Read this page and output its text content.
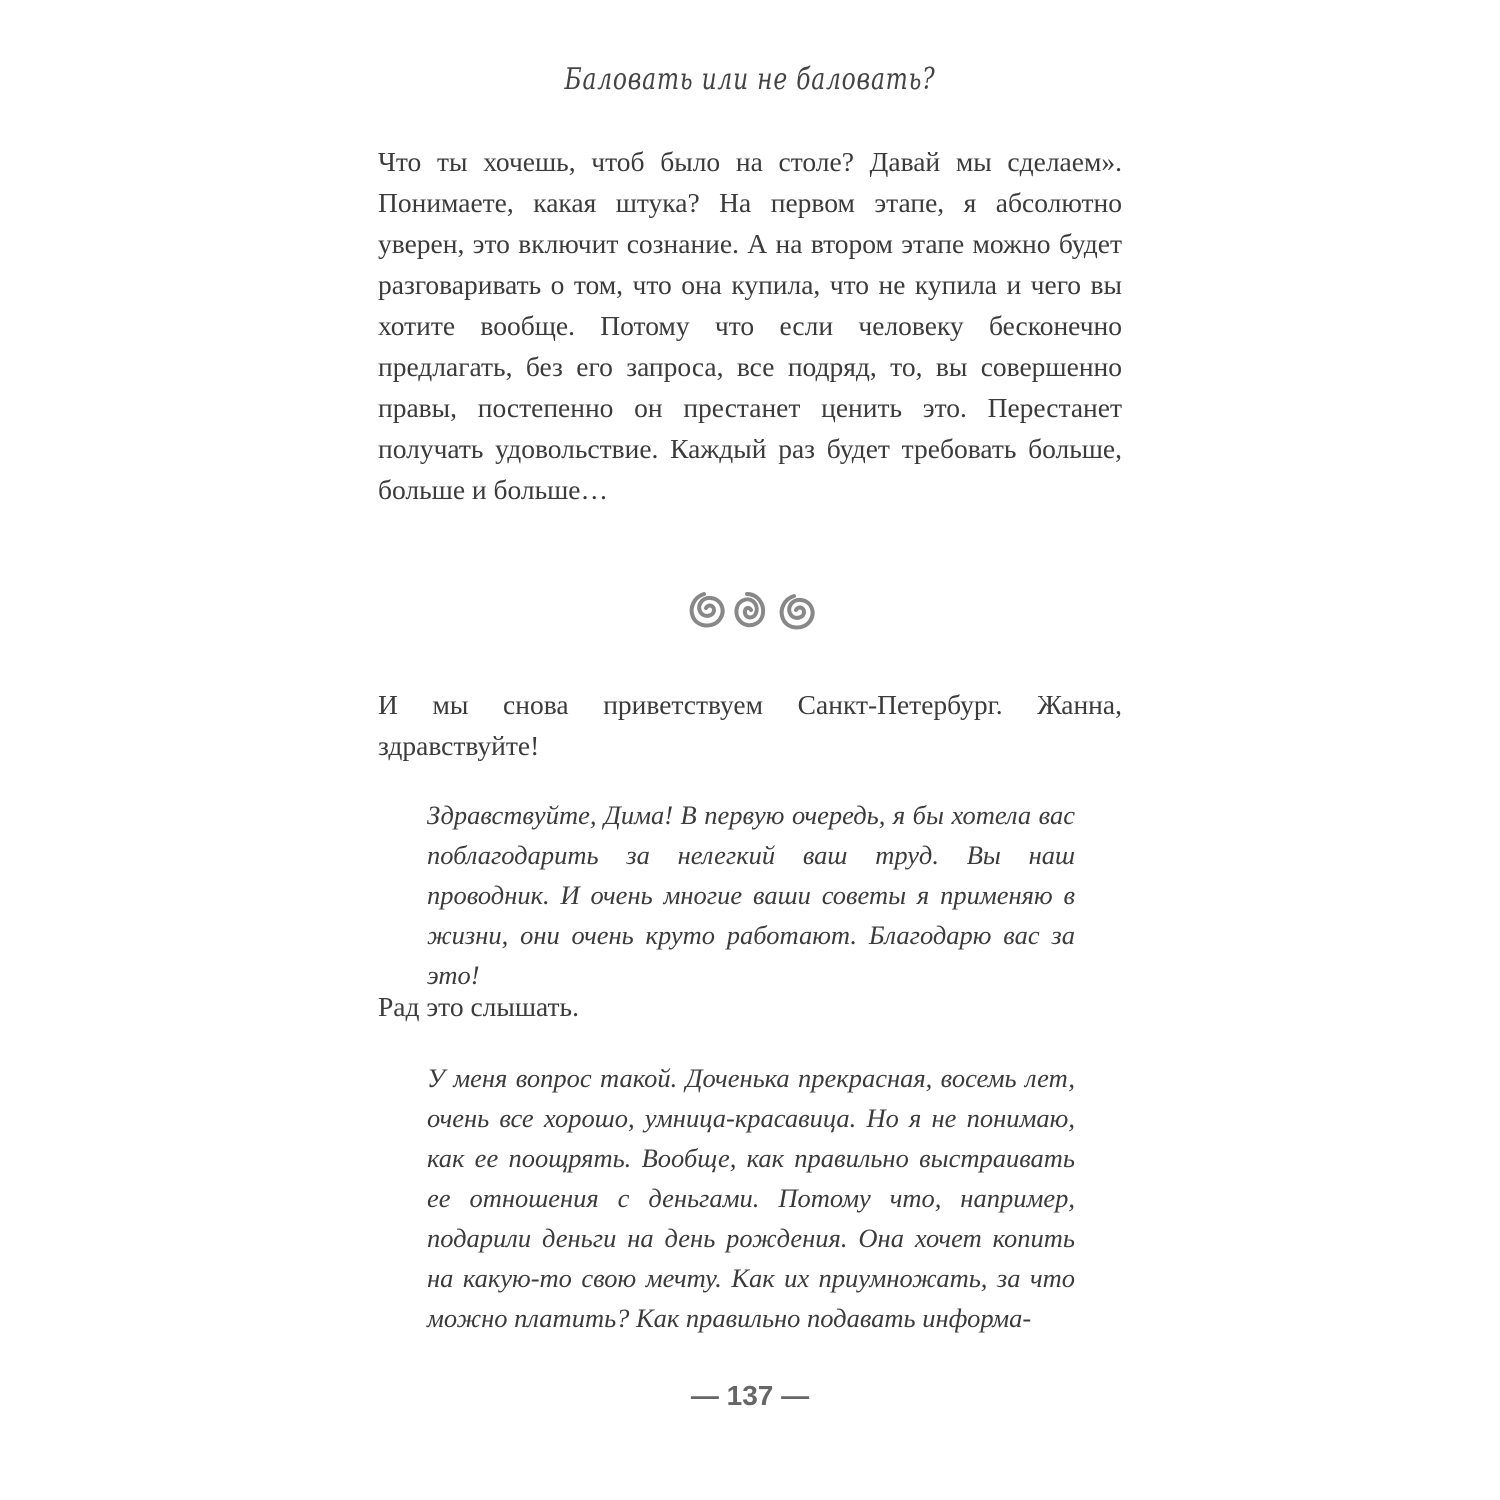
Баловать или не баловать?

Что ты хочешь, чтоб было на столе? Давай мы сделаем». Понимаете, какая штука? На первом этапе, я абсолютно уверен, это включит сознание. А на втором этапе можно будет разговаривать о том, что она купила, что не купила и чего вы хотите вообще. Потому что если человеку бесконечно предлагать, без его запроса, все подряд, то, вы совершенно правы, постепенно он престанет ценить это. Перестанет получать удовольствие. Каждый раз будет требовать больше, больше и больше…

И мы снова приветствуем Санкт-Петербург. Жанна, здравствуйте!

Здравствуйте, Дима! В первую очередь, я бы хотела вас поблагодарить за нелегкий ваш труд. Вы наш проводник. И очень многие ваши советы я применяю в жизни, они очень круто работают. Благодарю вас за это!

Рад это слышать.

У меня вопрос такой. Доченька прекрасная, восемь лет, очень все хорошо, умница-красавица. Но я не понимаю, как ее поощрять. Вообще, как правильно выстраивать ее отношения с деньгами. Потому что, например, подарили деньги на день рождения. Она хочет копить на какую-то свою мечту. Как их приумножать, за что можно платить? Как правильно подавать информа-

— 137 —
